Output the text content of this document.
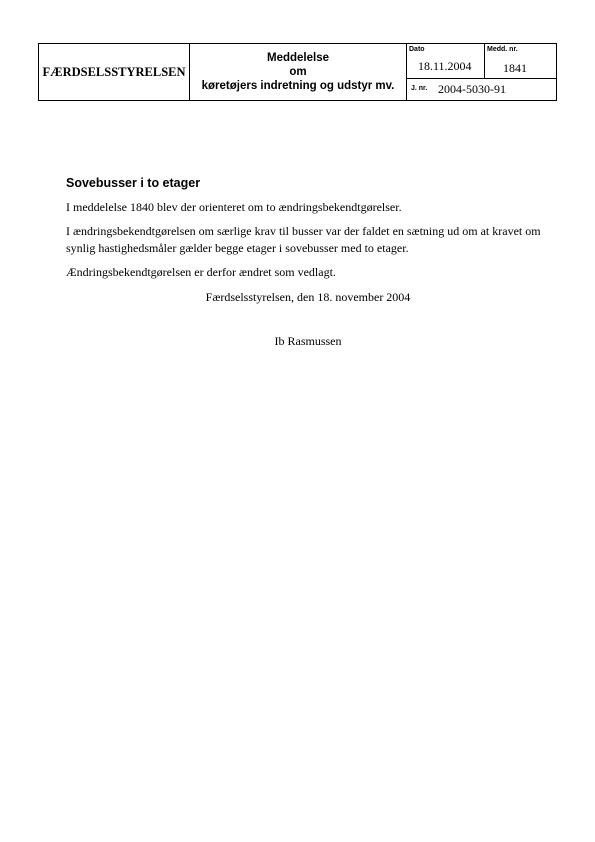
FÆRDSELSSTYRELSEN
Meddelelse
om
køretøjers indretning og udstyr mv.
Dato
18.11.2004
Medd. nr.
1841
J. nr. 2004-5030-91
Sovebusser i to etager

I meddelelse 1840 blev der orienteret om to ændringsbekendtgørelser.

I ændringsbekendtgørelsen om særlige krav til busser var der faldet en sætning ud om at kravet om synlig hastighedsmåler gælder begge etager i sovebusser med to etager.

Ændringsbekendtgørelsen er derfor ændret som vedlagt.

Færdselsstyrelsen, den 18. november 2004
Ib Rasmussen
